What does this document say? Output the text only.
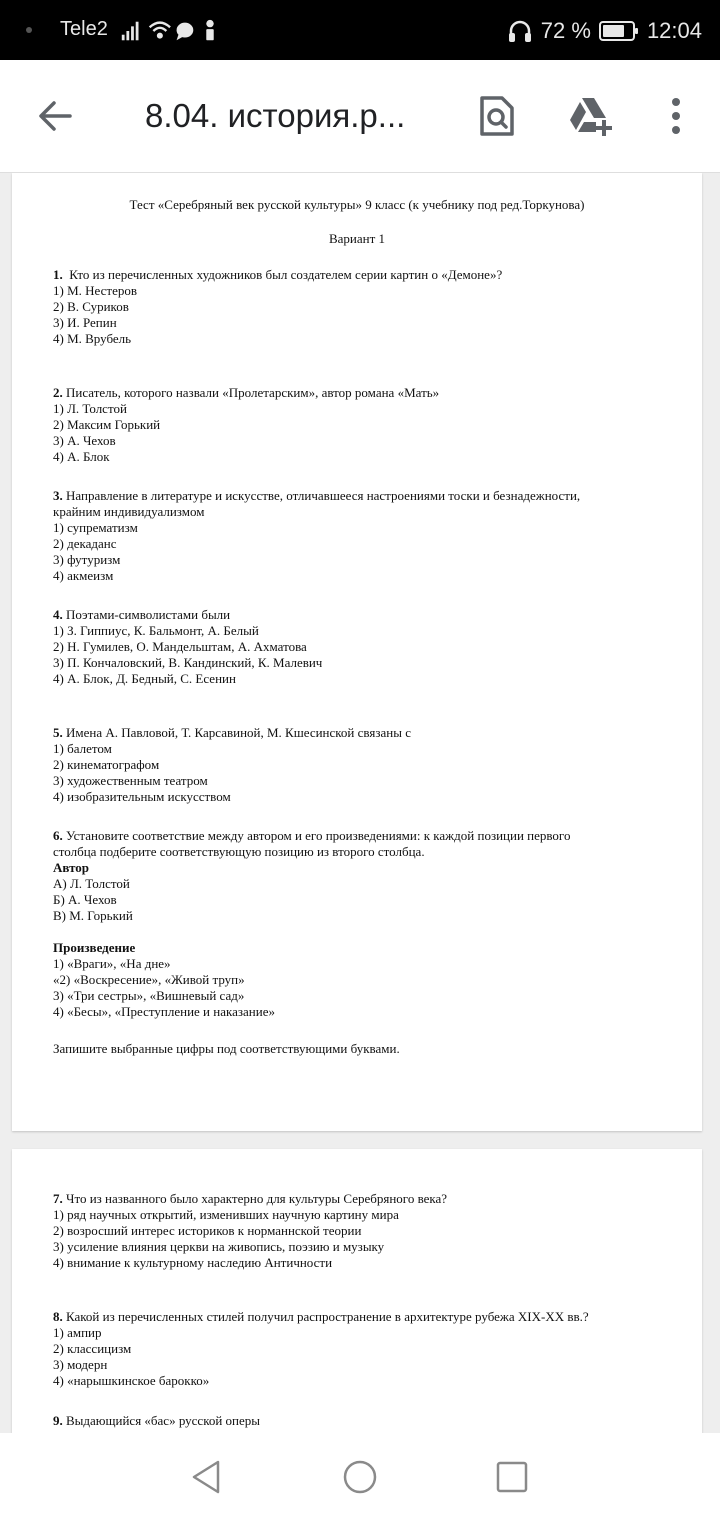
Tele2	72 %	12:04
8.04. история.р...
Тест «Серебряный век русской культуры» 9 класс (к учебнику под ред.Торкунова)
Вариант 1
1. Кто из перечисленных художников был создателем серии картин о «Демоне»?
1) М. Нестеров
2) В. Суриков
3) И. Репин
4) М. Врубель
2. Писатель, которого назвали «Пролетарским», автор романа «Мать»
1) Л. Толстой
2) Максим Горький
3) А. Чехов
4) А. Блок
3. Направление в литературе и искусстве, отличавшееся настроениями тоски и безнадежности,
крайним индивидуализмом
1) супрематизм
2) декаданс
3) футуризм
4) акмеизм
4. Поэтами-символистами были
1) З. Гиппиус, К. Бальмонт, А. Белый
2) Н. Гумилев, О. Мандельштам, А. Ахматова
3) П. Кончаловский, В. Кандинский, К. Малевич
4) А. Блок, Д. Бедный, С. Есенин
5. Имена А. Павловой, Т. Карсавиной, М. Кшесинской связаны с
1) балетом
2) кинематографом
3) художественным театром
4) изобразительным искусством
6. Установите соответствие между автором и его произведениями: к каждой позиции первого
столбца подберите соответствующую позицию из второго столбца.
Автор
А) Л. Толстой
Б) А. Чехов
В) М. Горький
Произведение
1) «Враги», «На дне»
«2) «Воскресение», «Живой труп»
3) «Три сестры», «Вишневый сад»
4) «Бесы», «Преступление и наказание»
Запишите выбранные цифры под соответствующими буквами.
7. Что из названного было характерно для культуры Серебряного века?
1) ряд научных открытий, изменивших научную картину мира
2) возросший интерес историков к норманнской теории
3) усиление влияния церкви на живопись, поэзию и музыку
4) внимание к культурному наследию Античности
8. Какой из перечисленных стилей получил распространение в архитектуре рубежа XIX-XX вв.?
1) ампир
2) классицизм
3) модерн
4) «нарышкинское барокко»
9. Выдающийся «бас» русской оперы
